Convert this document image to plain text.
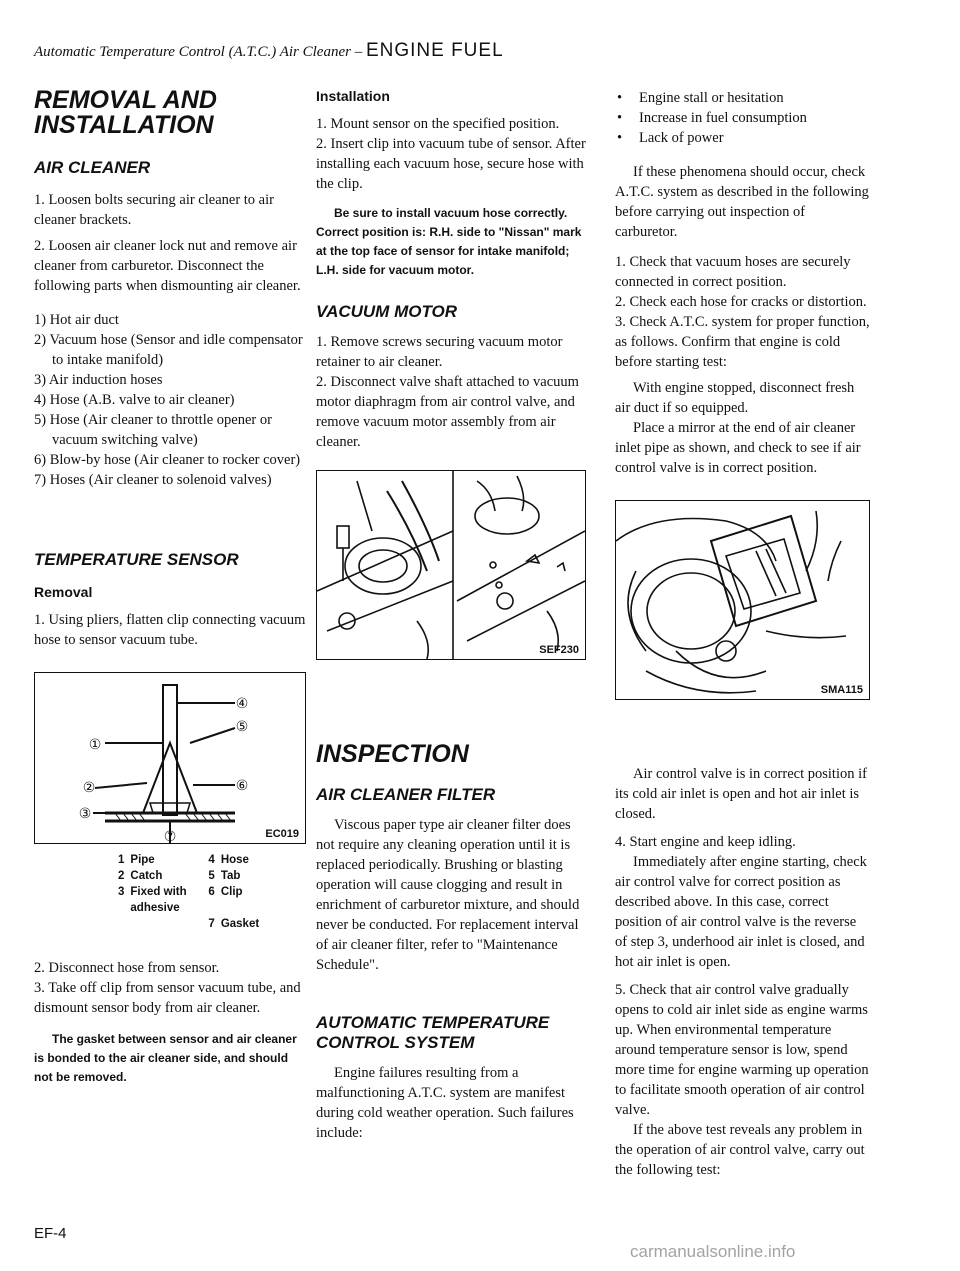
Automatic Temperature Control (A.T.C.) Air Cleaner – ENGINE FUEL
REMOVAL AND INSTALLATION
AIR CLEANER

1. Loosen bolts securing air cleaner to air cleaner brackets.

2. Loosen air cleaner lock nut and remove air cleaner from carburetor. Disconnect the following parts when dismounting air cleaner.

1) Hot air duct

2) Vacuum hose (Sensor and idle compensator to intake manifold)

3) Air induction hoses

4) Hose (A.B. valve to air cleaner)

5) Hose (Air cleaner to throttle opener or vacuum switching valve)

6) Blow-by hose (Air cleaner to rocker cover)

7) Hoses (Air cleaner to solenoid valves)

TEMPERATURE SENSOR
Removal

1. Using pliers, flatten clip connecting vacuum hose to sensor vacuum tube.

①
②
③
④
⑤
⑥
⑦	EC019
1	Pipe	4	Hose
2	Catch	5	Tab
3	Fixed with adhesive	6	Clip
		7	Gasket

2. Disconnect hose from sensor.

3. Take off clip from sensor vacuum tube, and dismount sensor body from air cleaner.

The gasket between sensor and air cleaner is bonded to the air cleaner side, and should not be removed.

Installation

1. Mount sensor on the specified position.

2. Insert clip into vacuum tube of sensor. After installing each vacuum hose, secure hose with the clip.

Be sure to install vacuum hose correctly. Correct position is: R.H. side to "Nissan" mark at the top face of sensor for intake manifold; L.H. side for vacuum motor.

VACUUM MOTOR

1. Remove screws securing vacuum motor retainer to air cleaner.

2. Disconnect valve shaft attached to vacuum motor diaphragm from air control valve, and remove vacuum motor assembly from air cleaner.

SEF230
INSPECTION
AIR CLEANER FILTER

Viscous paper type air cleaner filter does not require any cleaning operation until it is replaced periodically. Brushing or blasting operation will cause clogging and result in enrichment of carburetor mixture, and should never be conducted. For replacement interval of air cleaner filter, refer to "Maintenance Schedule".

AUTOMATIC TEMPERATURE CONTROL SYSTEM

Engine failures resulting from a malfunctioning A.T.C. system are manifest during cold weather operation. Such failures include:

• Engine stall or hesitation
• Increase in fuel consumption
• Lack of power

If these phenomena should occur, check A.T.C. system as described in the following before carrying out inspection of carburetor.

1. Check that vacuum hoses are securely connected in correct position.

2. Check each hose for cracks or distortion.

3. Check A.T.C. system for proper function, as follows. Confirm that engine is cold before starting test:

With engine stopped, disconnect fresh air duct if so equipped.

Place a mirror at the end of air cleaner inlet pipe as shown, and check to see if air control valve is in correct position.

SMA115

Air control valve is in correct position if its cold air inlet is open and hot air inlet is closed.

4. Start engine and keep idling.

Immediately after engine starting, check air control valve for correct position as described above. In this case, correct position of air control valve is the reverse of step 3, underhood air inlet is closed, and hot air inlet is open.

5. Check that air control valve gradually opens to cold air inlet side as engine warms up. When environmental temperature around temperature sensor is low, spend more time for engine warming up operation to facilitate smooth operation of air control valve.

If the above test reveals any problem in the operation of air control valve, carry out the following test:

EF-4
carmanualsonline.info
